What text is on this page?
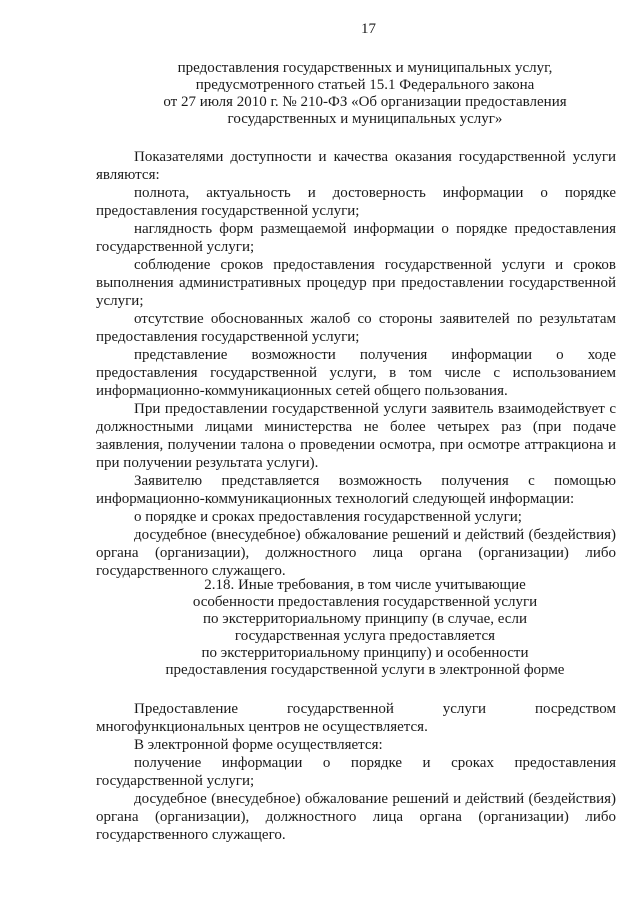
17
предоставления государственных и муниципальных услуг,
предусмотренного статьей 15.1 Федерального закона
от 27 июля 2010 г. № 210-ФЗ «Об организации предоставления
государственных и муниципальных услуг»

Показателями доступности и качества оказания государственной услуги являются:

полнота, актуальность и достоверность информации о порядке предоставления государственной услуги;

наглядность форм размещаемой информации о порядке предоставления государственной услуги;

соблюдение сроков предоставления государственной услуги и сроков выполнения административных процедур при предоставлении государственной услуги;

отсутствие обоснованных жалоб со стороны заявителей по результатам предоставления государственной услуги;

представление возможности получения информации о ходе предоставления государственной услуги, в том числе с использованием информационно-коммуникационных сетей общего пользования.

При предоставлении государственной услуги заявитель взаимодействует с должностными лицами министерства не более четырех раз (при подаче заявления, получении талона о проведении осмотра, при осмотре аттракциона и при получении результата услуги).

Заявителю представляется возможность получения с помощью информационно-коммуникационных технологий следующей информации:

о порядке и сроках предоставления государственной услуги;

досудебное (внесудебное) обжалование решений и действий (бездействия) органа (организации), должностного лица органа (организации) либо государственного служащего.

2.18. Иные требования, в том числе учитывающие
особенности предоставления государственной услуги
по экстерриториальному принципу (в случае, если
государственная услуга предоставляется
по экстерриториальному принципу) и особенности
предоставления государственной услуги в электронной форме

Предоставление государственной услуги посредством многофункциональных центров не осуществляется.

В электронной форме осуществляется:

получение информации о порядке и сроках предоставления государственной услуги;

досудебное (внесудебное) обжалование решений и действий (бездействия) органа (организации), должностного лица органа (организации) либо государственного служащего.
